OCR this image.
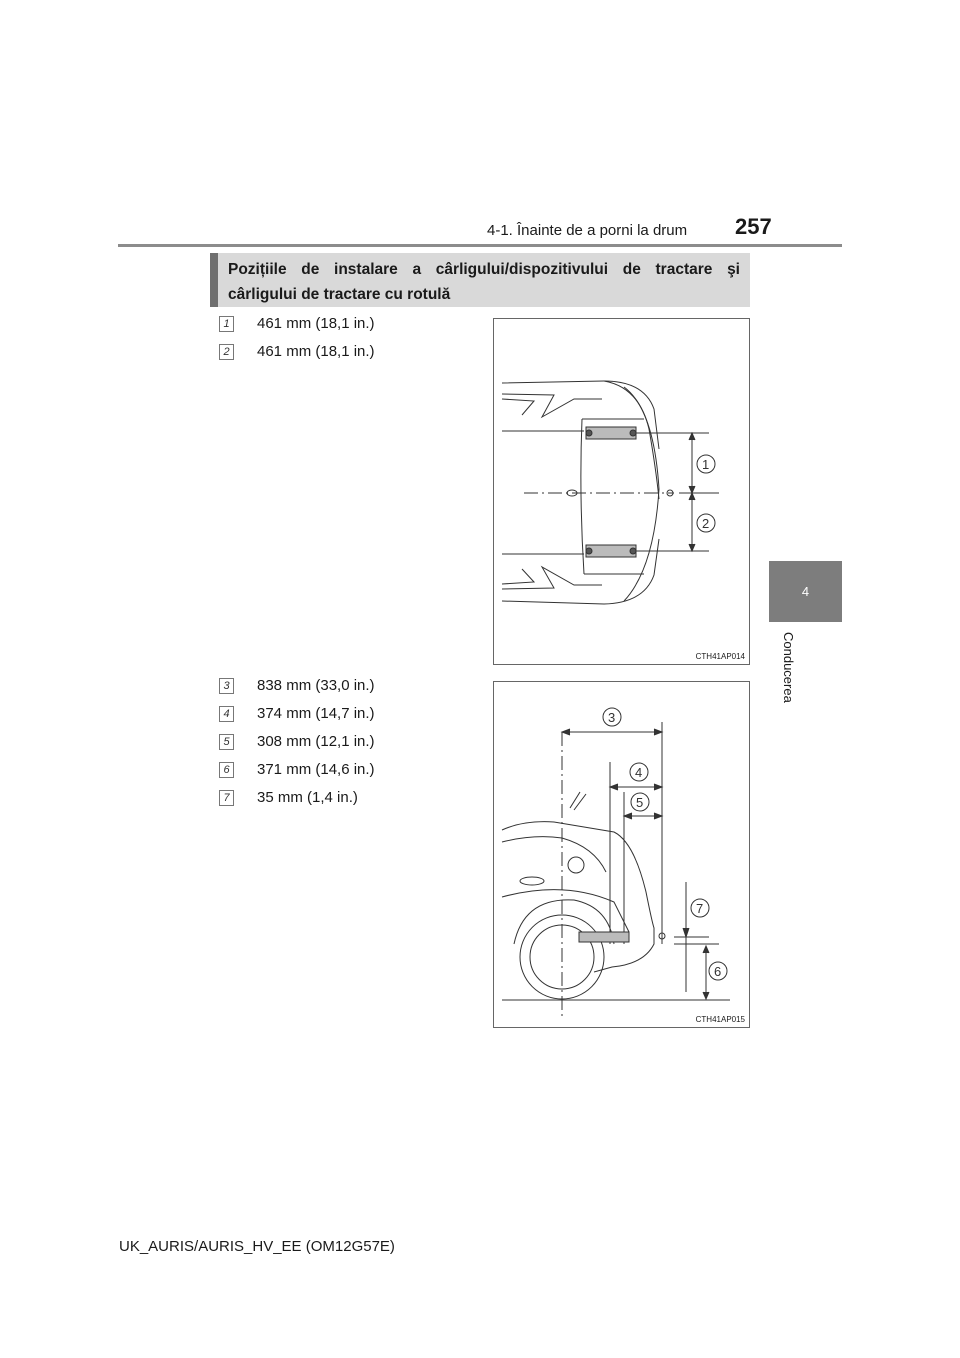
4-1. Înainte de a porni la drum 257
4
Conducerea
Pozițiile de instalare a cârligului/dispozitivului de tractare şi cârligului de tractare cu rotulă
1 461 mm (18,1 in.)
2 461 mm (18,1 in.)
1
2
CTH41AP014
3 838 mm (33,0 in.)
4 374 mm (14,7 in.)
5 308 mm (12,1 in.)
6 371 mm (14,6 in.)
7 35 mm (1,4 in.)
3
4
5
7
6
CTH41AP015
UK_AURIS/AURIS_HV_EE (OM12G57E)
